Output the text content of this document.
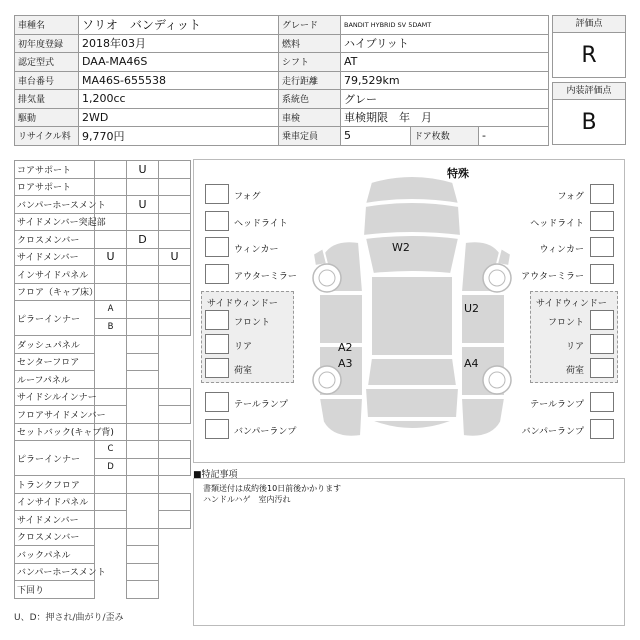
車種名	ソリオ　バンディット	グレード	BANDIT HYBRID SV 5DAMT		
初年度登録	2018年03月	燃料	ハイブリット		
認定型式	DAA-MA46S	シフト	AT		
車台番号	MA46S-655538	走行距離	79,529km		
排気量	1,200cc	系統色	グレー		
駆動	2WD	車検	車検期限　年　月		
リサイクル料	9,770円	乗車定員	5	ドア枚数	-
評価点
R
内装評価点
B
コアサポート		U	
ロアサポート			
バンパーホースメント		U	
サイドメンバー突起部			
クロスメンバー		D	
サイドメンバー	U		U
インサイドパネル			
フロア（キャブ床）			
ピラーインナー	A		
	B		
ダッシュパネル			
センターフロア			
ルーフパネル			
サイドシルインナー			
フロアサイドメンバー			
セットバック(キャブ背)			
ピラーインナー	C		
	D		
トランクフロア			
インサイドパネル			
サイドメンバー			
クロスメンバー			
バックパネル			
バンパーホースメント			
下回り			
U、D：押され/曲がり/歪み
特殊
W2
A2
A3
U2
A4
フォグ
ヘッドライト
ウィンカー
アウターミラー
サイドウィンドー
フロント
リア
荷室
テールランプ
バンパーランプ
フォグ
ヘッドライト
ウィンカー
アウターミラー
サイドウィンドー
フロント
リア
荷室
テールランプ
バンパーランプ
■特記事項
書類送付は成約後10日前後かかります
ハンドルハゲ　室内汚れ
